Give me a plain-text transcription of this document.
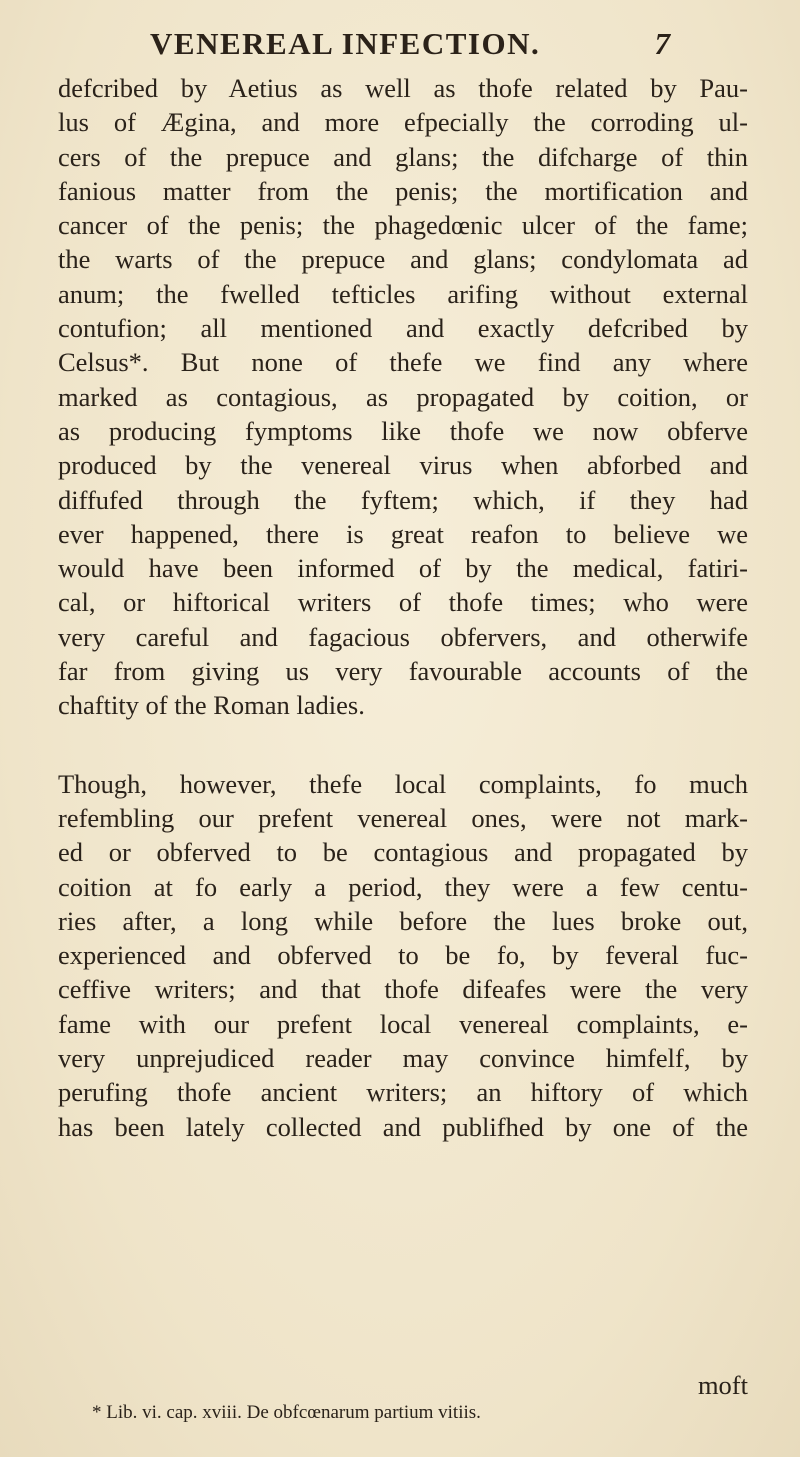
VENEREAL INFECTION.	7
defcribed by Aetius as well as thofe related by Pau-
lus of Ægina, and more efpecially the corroding ul-
cers of the prepuce and glans; the difcharge of thin
fanious matter from the penis; the mortification and
cancer of the penis; the phagedœnic ulcer of the fame;
the warts of the prepuce and glans; condylomata ad
anum; the fwelled tefticles arifing without external
contufion; all mentioned and exactly defcribed by
Celsus*. But none of thefe we find any where
marked as contagious, as propagated by coition, or
as producing fymptoms like thofe we now obferve
produced by the venereal virus when abforbed and
diffufed through the fyftem; which, if they had
ever happened, there is great reafon to believe we
would have been informed of by the medical, fatiri-
cal, or hiftorical writers of thofe times; who were
very careful and fagacious obfervers, and otherwife
far from giving us very favourable accounts of the
chaftity of the Roman ladies.
Though, however, thefe local complaints, fo much
refembling our prefent venereal ones, were not mark-
ed or obferved to be contagious and propagated by
coition at fo early a period, they were a few centu-
ries after, a long while before the lues broke out,
experienced and obferved to be fo, by feveral fuc-
ceffive writers; and that thofe difeafes were the very
fame with our prefent local venereal complaints, e-
very unprejudiced reader may convince himfelf, by
perufing thofe ancient writers; an hiftory of which
has been lately collected and publifhed by one of the
moft
* Lib. vi. cap. xviii. De obfcœnarum partium vitiis.
